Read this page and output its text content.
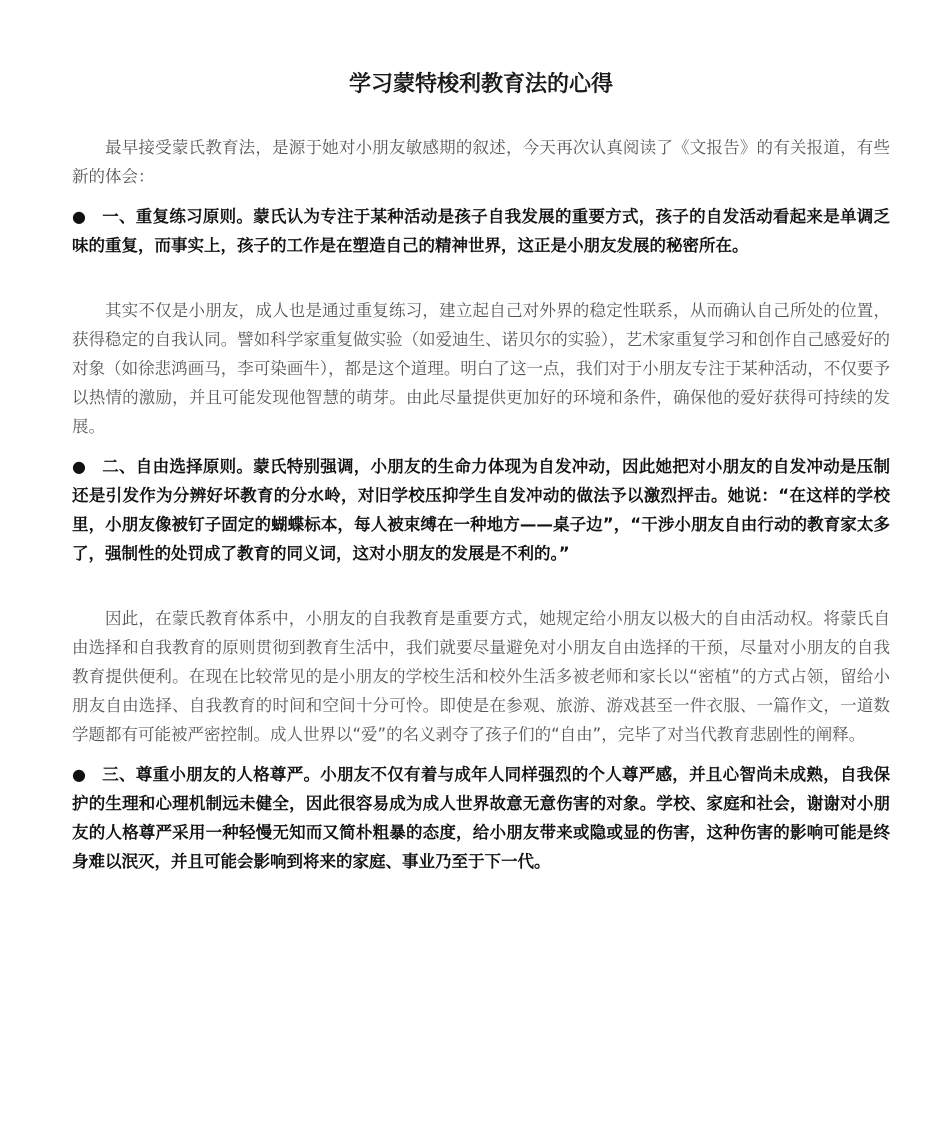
学习蒙特梭利教育法的心得

最早接受蒙氏教育法，是源于她对小朋友敏感期的叙述，今天再次认真阅读了《文报告》的有关报道，有些新的体会：

● 一、重复练习原则。蒙氏认为专注于某种活动是孩子自我发展的重要方式，孩子的自发活动看起来是单调乏味的重复，而事实上，孩子的工作是在塑造自己的精神世界，这正是小朋友发展的秘密所在。

其实不仅是小朋友，成人也是通过重复练习，建立起自己对外界的稳定性联系，从而确认自己所处的位置，获得稳定的自我认同。譬如科学家重复做实验（如爱迪生、诺贝尔的实验），艺术家重复学习和创作自己感爱好的对象（如徐悲鸿画马，李可染画牛），都是这个道理。明白了这一点，我们对于小朋友专注于某种活动，不仅要予以热情的激励，并且可能发现他智慧的萌芽。由此尽量提供更加好的环境和条件，确保他的爱好获得可持续的发展。

● 二、自由选择原则。蒙氏特别强调，小朋友的生命力体现为自发冲动，因此她把对小朋友的自发冲动是压制还是引发作为分辨好坏教育的分水岭，对旧学校压抑学生自发冲动的做法予以激烈抨击。她说：“在这样的学校里，小朋友像被钉子固定的蝴蝶标本，每人被束缚在一种地方——桌子边”，“干涉小朋友自由行动的教育家太多了，强制性的处罚成了教育的同义词，这对小朋友的发展是不利的。”

因此，在蒙氏教育体系中，小朋友的自我教育是重要方式，她规定给小朋友以极大的自由活动权。将蒙氏自由选择和自我教育的原则贯彻到教育生活中，我们就要尽量避免对小朋友自由选择的干预，尽量对小朋友的自我教育提供便利。在现在比较常见的是小朋友的学校生活和校外生活多被老师和家长以“密植”的方式占领，留给小朋友自由选择、自我教育的时间和空间十分可怜。即使是在参观、旅游、游戏甚至一件衣服、一篇作文，一道数学题都有可能被严密控制。成人世界以“爱”的名义剥夺了孩子们的“自由”，完毕了对当代教育悲剧性的阐释。

● 三、尊重小朋友的人格尊严。小朋友不仅有着与成年人同样强烈的个人尊严感，并且心智尚未成熟，自我保护的生理和心理机制远未健全，因此很容易成为成人世界故意无意伤害的对象。学校、家庭和社会，谢谢对小朋友的人格尊严采用一种轻慢无知而又简朴粗暴的态度，给小朋友带来或隐或显的伤害，这种伤害的影响可能是终身难以泯灭，并且可能会影响到将来的家庭、事业乃至于下一代。
